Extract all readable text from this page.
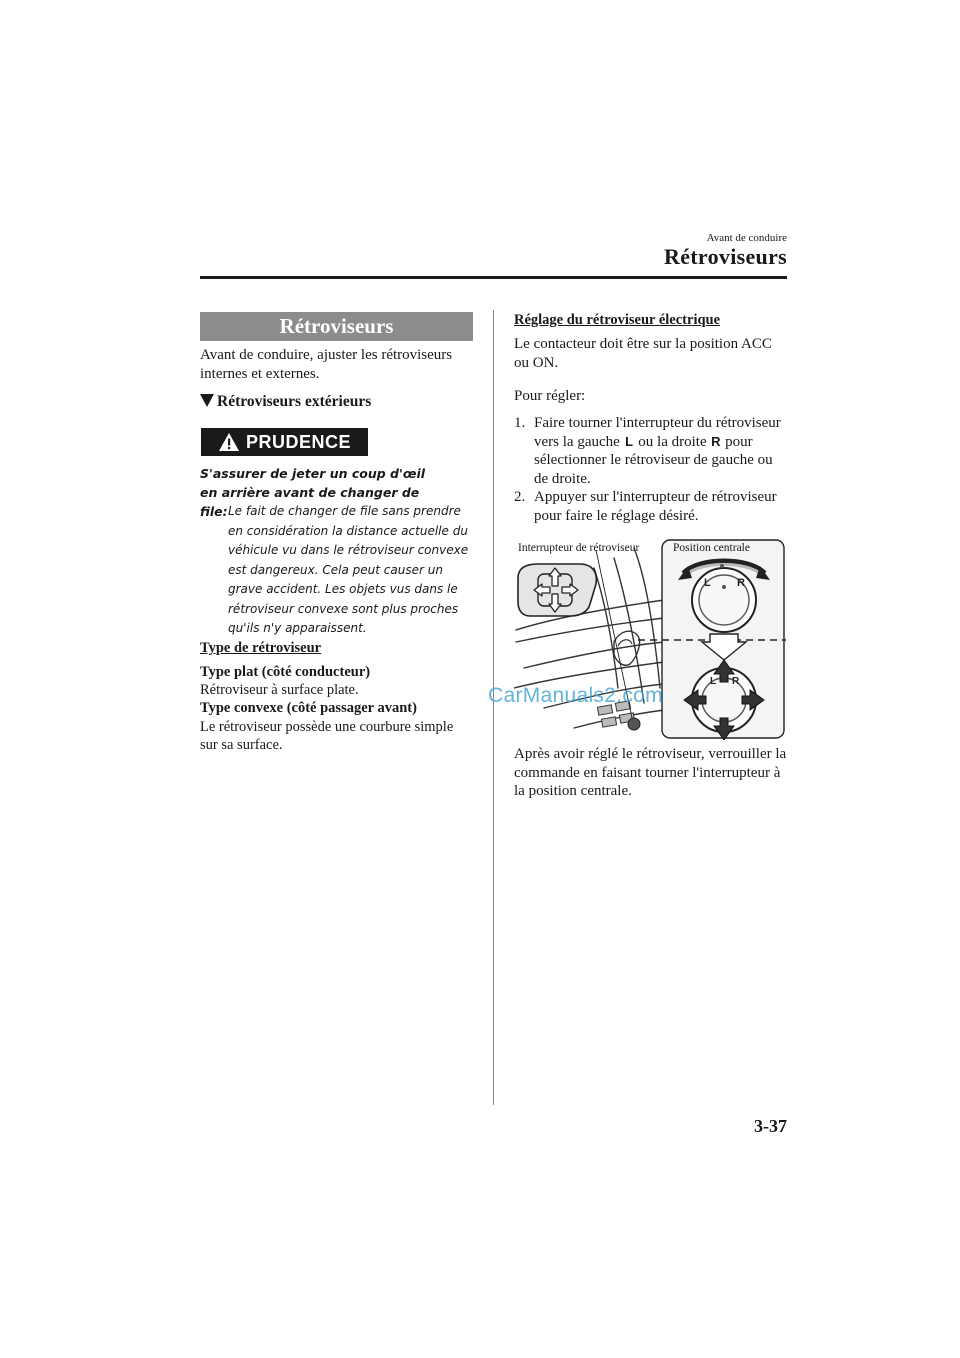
Avant de conduire
Rétroviseurs
Rétroviseurs
Avant de conduire, ajuster les rétroviseurs internes et externes.
Rétroviseurs extérieurs
PRUDENCE
S'assurer de jeter un coup d'œil en arrière avant de changer de file: Le fait de changer de file sans prendre en considération la distance actuelle du véhicule vu dans le rétroviseur convexe est dangereux. Cela peut causer un grave accident. Les objets vus dans le rétroviseur convexe sont plus proches qu'ils n'y apparaissent.
Type de rétroviseur
Type plat (côté conducteur)
Rétroviseur à surface plate.
Type convexe (côté passager avant)
Le rétroviseur possède une courbure simple sur sa surface.
Réglage du rétroviseur électrique
Le contacteur doit être sur la position ACC ou ON.
Pour régler:
1. Faire tourner l'interrupteur du rétroviseur vers la gauche L ou la droite R pour sélectionner le rétroviseur de gauche ou de droite.
2. Appuyer sur l'interrupteur de rétroviseur pour faire le réglage désiré.
L R
L R
Interrupteur de rétroviseur	Position centrale
CarManuals2.com
Après avoir réglé le rétroviseur, verrouiller la commande en faisant tourner l'interrupteur à la position centrale.
3-37
